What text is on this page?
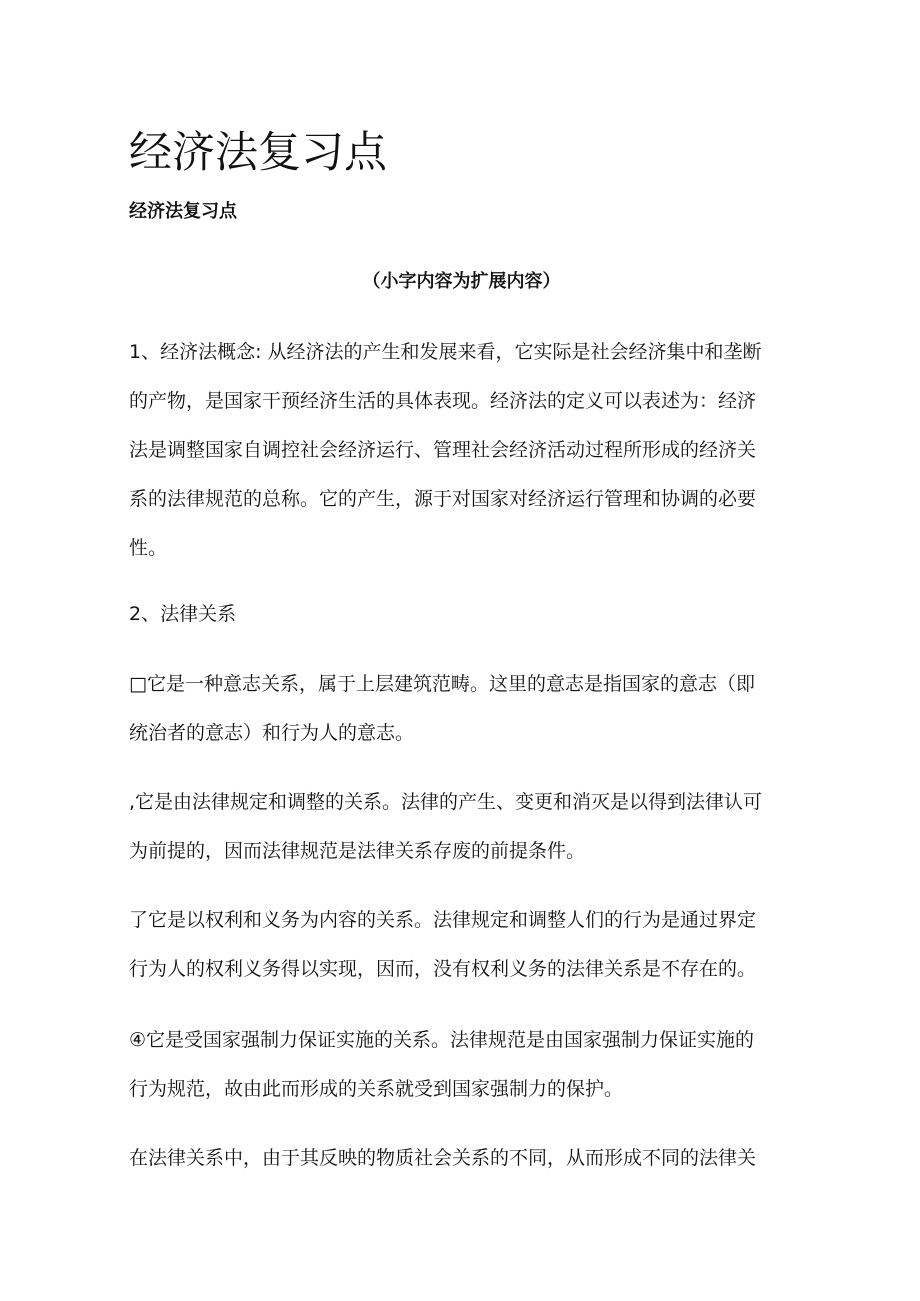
经济法复习点
经济法复习点

（小字内容为扩展内容）

1、经济法概念: 从经济法的产生和发展来看，它实际是社会经济集中和垄断
的产物，是国家干预经济生活的具体表现。经济法的定义可以表述为：经济
法是调整国家自调控社会经济运行、管理社会经济活动过程所形成的经济关
系的法律规范的总称。它的产生，源于对国家对经济运行管理和协调的必要
性。
2、法律关系
□它是一种意志关系，属于上层建筑范畴。这里的意志是指国家的意志（即
统治者的意志）和行为人的意志。
,它是由法律规定和调整的关系。法律的产生、变更和消灭是以得到法律认可
为前提的，因而法律规范是法律关系存废的前提条件。
了它是以权利和义务为内容的关系。法律规定和调整人们的行为是通过界定
行为人的权利义务得以实现，因而，没有权利义务的法律关系是不存在的。
④它是受国家强制力保证实施的关系。法律规范是由国家强制力保证实施的
行为规范，故由此而形成的关系就受到国家强制力的保护。
在法律关系中，由于其反映的物质社会关系的不同，从而形成不同的法律关
